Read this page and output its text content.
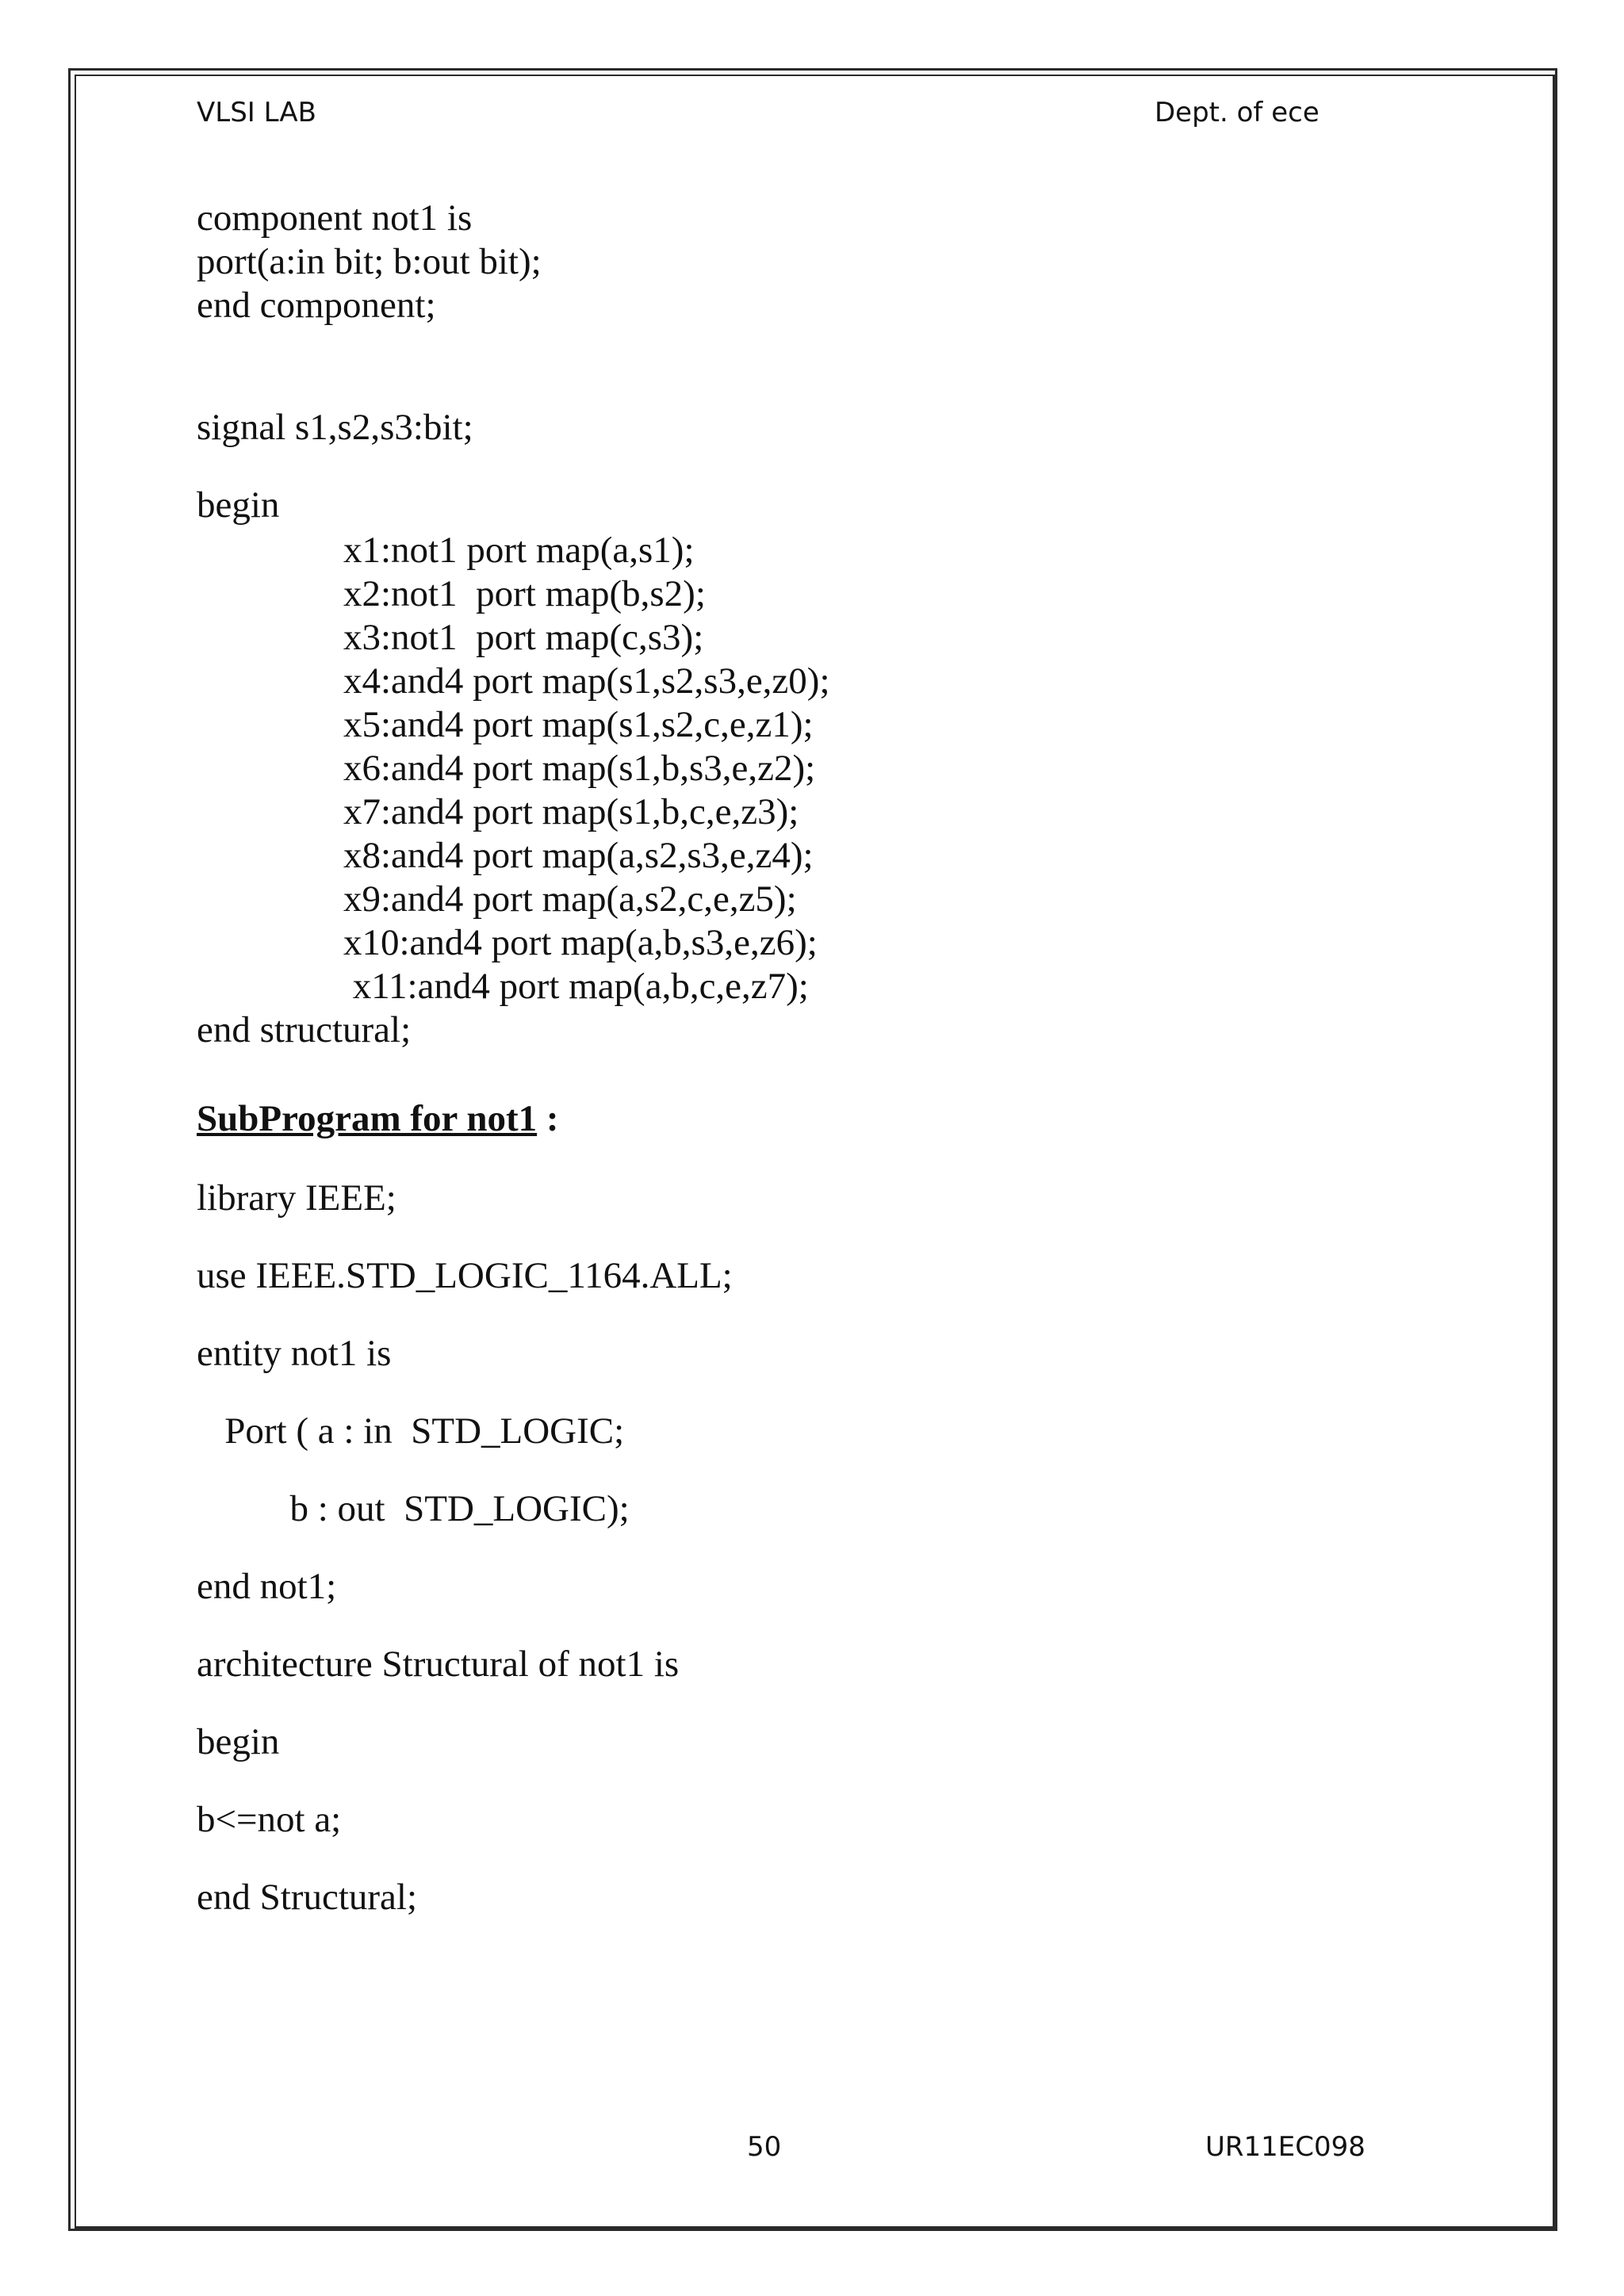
VLSI LAB	Dept. of ece
component not1 is
port(a:in bit; b:out bit);
end component;
signal s1,s2,s3:bit;
begin
x1:not1 port map(a,s1);
x2:not1  port map(b,s2);
x3:not1  port map(c,s3);
x4:and4 port map(s1,s2,s3,e,z0);
x5:and4 port map(s1,s2,c,e,z1);
x6:and4 port map(s1,b,s3,e,z2);
x7:and4 port map(s1,b,c,e,z3);
x8:and4 port map(a,s2,s3,e,z4);
x9:and4 port map(a,s2,c,e,z5);
x10:and4 port map(a,b,s3,e,z6);
x11:and4 port map(a,b,c,e,z7);
end structural;
SubProgram for not1 :
library IEEE;
use IEEE.STD_LOGIC_1164.ALL;
entity not1 is
Port ( a : in  STD_LOGIC;
b : out  STD_LOGIC);
end not1;
architecture Structural of not1 is
begin
b<=not a;
end Structural;
50	UR11EC098
